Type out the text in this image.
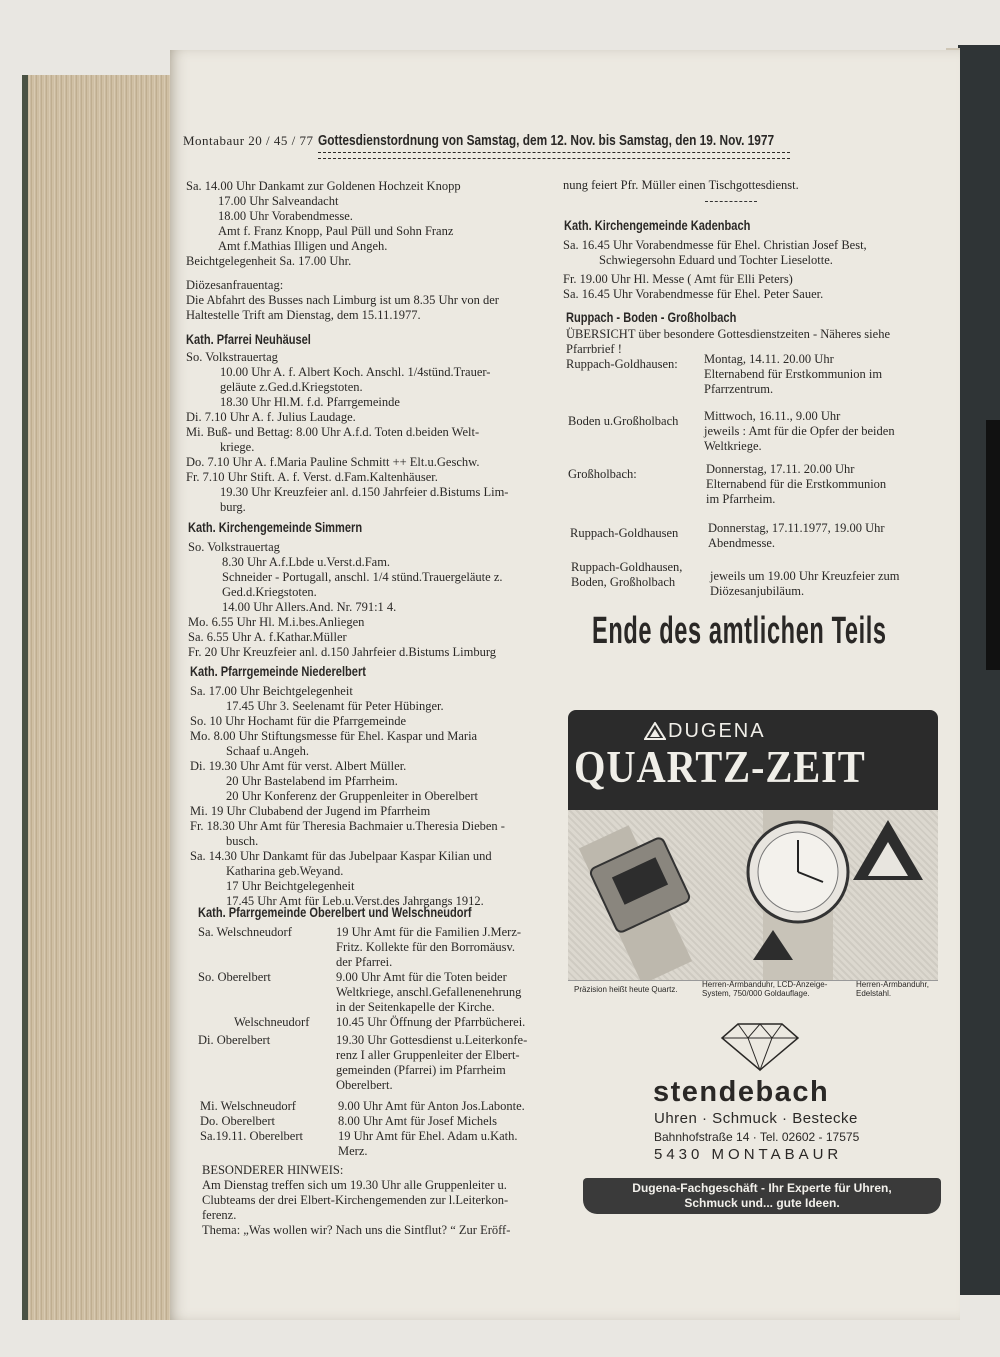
Montabaur 20 / 45 / 77 Gottesdienstordnung von Samstag, dem 12. Nov. bis Samstag, den 19. Nov. 1977
Sa. 14.00 Uhr Dankamt zur Goldenen Hochzeit Knopp
17.00 Uhr Salveandacht
18.00 Uhr Vorabendmesse.
Amt f. Franz Knopp, Paul Püll und Sohn Franz
Amt f.Mathias Illigen und Angeh.
Beichtgelegenheit Sa. 17.00 Uhr.
Diözesanfrauentag:
Die Abfahrt des Busses nach Limburg ist um 8.35 Uhr von der
Haltestelle Trift am Dienstag, dem 15.11.1977.
So. Volkstrauertag
10.00 Uhr A. f. Albert Koch. Anschl. 1/4stünd.Trauer-
geläute z.Ged.d.Kriegstoten.
18.30 Uhr Hl.M. f.d. Pfarrgemeinde
Di. 7.10 Uhr A. f. Julius Laudage.
Mi. Buß- und Bettag: 8.00 Uhr A.f.d. Toten d.beiden Welt-
kriege.
Do. 7.10 Uhr A. f.Maria Pauline Schmitt ++ Elt.u.Geschw.
Fr. 7.10 Uhr Stift. A. f. Verst. d.Fam.Kaltenhäuser.
19.30 Uhr Kreuzfeier anl. d.150 Jahrfeier d.Bistums Lim-
burg.
So. Volkstrauertag
8.30 Uhr A.f.Lbde u.Verst.d.Fam.
Schneider - Portugall, anschl. 1/4 stünd.Trauergeläute z.
Ged.d.Kriegstoten.
14.00 Uhr Allers.And. Nr. 791:1 4.
Mo. 6.55 Uhr Hl. M.i.bes.Anliegen
Sa. 6.55 Uhr A. f.Kathar.Müller
Fr. 20 Uhr Kreuzfeier anl. d.150 Jahrfeier d.Bistums Limburg
Sa. 17.00 Uhr Beichtgelegenheit
17.45 Uhr 3. Seelenamt für Peter Hübinger.
So. 10 Uhr Hochamt für die Pfarrgemeinde
Mo. 8.00 Uhr Stiftungsmesse für Ehel. Kaspar und Maria
Schaaf u.Angeh.
Di. 19.30 Uhr Amt für verst. Albert Müller.
20 Uhr Bastelabend im Pfarrheim.
20 Uhr Konferenz der Gruppenleiter in Oberelbert
Mi. 19 Uhr Clubabend der Jugend im Pfarrheim
Fr. 18.30 Uhr Amt für Theresia Bachmaier u.Theresia Dieben -
busch.
Sa. 14.30 Uhr Dankamt für das Jubelpaar Kaspar Kilian und
Katharina geb.Weyand.
17 Uhr Beichtgelegenheit
17.45 Uhr Amt für Leb.u.Verst.des Jahrgangs 1912.
Sa. Welschneudorf	19 Uhr Amt für die Familien J.Merz-
Fritz. Kollekte für den Borromäusv.
der Pfarrei.
So. Oberelbert	9.00 Uhr Amt für die Toten beider
Weltkriege, anschl.Gefallenenehrung
in der Seitenkapelle der Kirche.
Welschneudorf 10.45 Uhr Öffnung der Pfarrbücherei.
Di. Oberelbert	19.30 Uhr Gottesdienst u.Leiterkonfe-
renz I aller Gruppenleiter der Elbert-
gemeinden (Pfarrei) im Pfarrheim
Oberelbert.
Mi. Welschneudorf	9.00 Uhr Amt für Anton Jos.Labonte.
Do. Oberelbert	8.00 Uhr Amt für Josef Michels
Sa.19.11. Oberelbert	19 Uhr Amt für Ehel. Adam u.Kath.
Merz.
BESONDERER HINWEIS:
Am Dienstag treffen sich um 19.30 Uhr alle Gruppenleiter u.
Clubteams der drei Elbert-Kirchengemenden zur l.Leiterkon-
ferenz.
Thema: „Was wollen wir? Nach uns die Sintflut? “ Zur Eröff-
Kath. Pfarrei Neuhäusel
Kath. Kirchengemeinde Simmern
Kath. Pfarrgemeinde Niederelbert
Kath. Pfarrgemeinde Oberelbert und Welschneudorf
nung feiert Pfr. Müller einen Tischgottesdienst.
Sa. 16.45 Uhr Vorabendmesse für Ehel. Christian Josef Best,
Schwiegersohn Eduard und Tochter Lieselotte.
Fr. 19.00 Uhr Hl. Messe ( Amt für Elli Peters)
Sa. 16.45 Uhr Vorabendmesse für Ehel. Peter Sauer.
ÜBERSICHT über besondere Gottesdienstzeiten - Näheres siehe
Pfarrbrief !
Ruppach-Goldhausen: Montag, 14.11. 20.00 Uhr
Elternabend für Erstkommunion im
Pfarrzentrum.
Boden u.Großholbach Mittwoch, 16.11., 9.00 Uhr
jeweils : Amt für die Opfer der beiden
Weltkriege.
Großholbach:	Donnerstag, 17.11. 20.00 Uhr
Elternabend für die Erstkommunion
im Pfarrheim.
Ruppach-Goldhausen Donnerstag, 17.11.1977, 19.00 Uhr
Abendmesse.
Ruppach-Goldhausen,
Boden, Großholbach	jeweils um 19.00 Uhr Kreuzfeier zum
Diözesanjubiläum.
Kath. Kirchengemeinde Kadenbach
Ruppach - Boden - Großholbach
Ende des amtlichen Teils
DUGENA
QUARTZ-ZEIT
Präzision heißt heute Quartz.
Herren-Armbanduhr, LCD-Anzeige-
System, 750/000 Goldauflage.
Herren-Armbanduhr,
Edelstahl.
stendebach
Uhren · Schmuck · Bestecke
Bahnhofstraße 14 · Tel. 02602 - 17575
5430 MONTABAUR
Dugena-Fachgeschäft - Ihr Experte für Uhren,
Schmuck und... gute Ideen.
